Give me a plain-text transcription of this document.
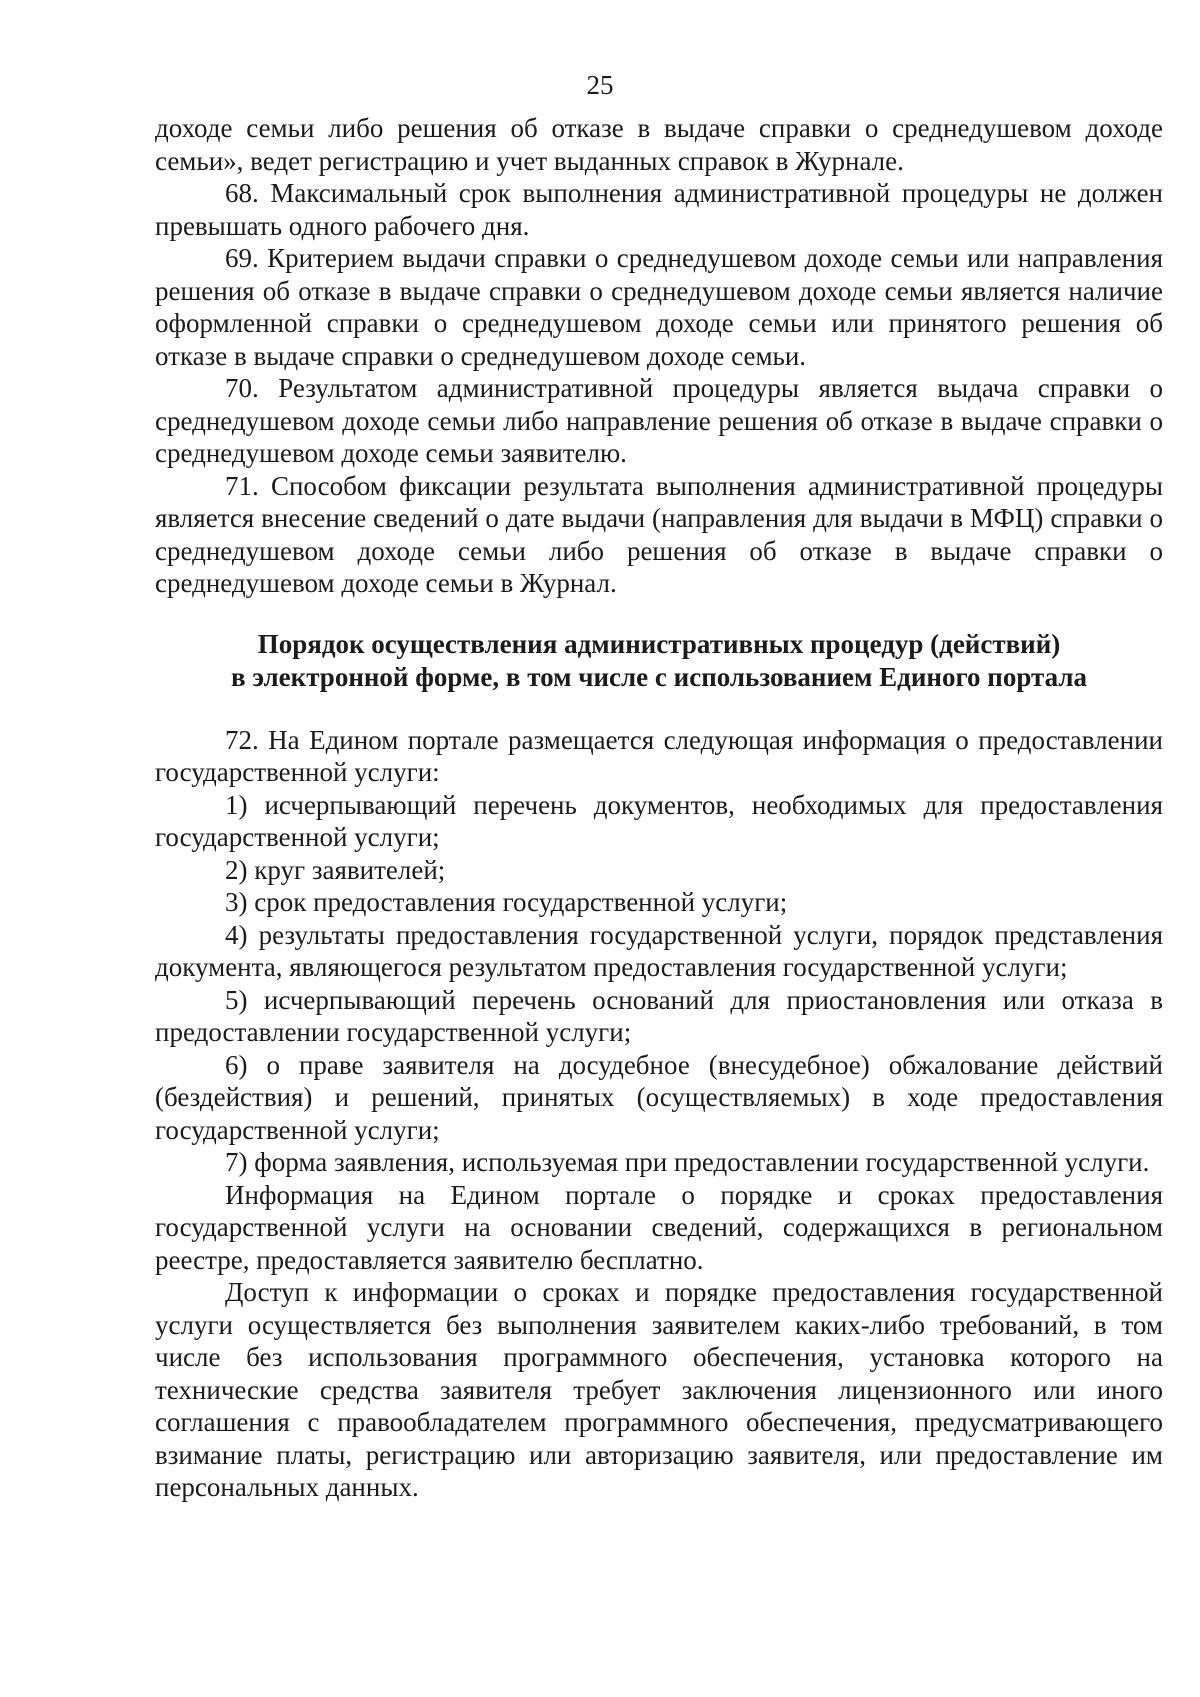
25

доходе семьи либо решения об отказе в выдаче справки о среднедушевом доходе семьи», ведет регистрацию и учет выданных справок в Журнале.

68. Максимальный срок выполнения административной процедуры не должен превышать одного рабочего дня.

69. Критерием выдачи справки о среднедушевом доходе семьи или направления решения об отказе в выдаче справки о среднедушевом доходе семьи является наличие оформленной справки о среднедушевом доходе семьи или принятого решения об отказе в выдаче справки о среднедушевом доходе семьи.

70. Результатом административной процедуры является выдача справки о среднедушевом доходе семьи либо направление решения об отказе в выдаче справки о среднедушевом доходе семьи заявителю.

71. Способом фиксации результата выполнения административной процедуры является внесение сведений о дате выдачи (направления для выдачи в МФЦ) справки о среднедушевом доходе семьи либо решения об отказе в выдаче справки о среднедушевом доходе семьи в Журнал.

Порядок осуществления административных процедур (действий)
в электронной форме, в том числе с использованием Единого портала

72. На Едином портале размещается следующая информация о предоставлении государственной услуги:

1) исчерпывающий перечень документов, необходимых для предоставления государственной услуги;

2) круг заявителей;

3) срок предоставления государственной услуги;

4) результаты предоставления государственной услуги, порядок представления документа, являющегося результатом предоставления государственной услуги;

5) исчерпывающий перечень оснований для приостановления или отказа в предоставлении государственной услуги;

6) о праве заявителя на досудебное (внесудебное) обжалование действий (бездействия) и решений, принятых (осуществляемых) в ходе предоставления государственной услуги;

7) форма заявления, используемая при предоставлении государственной услуги.

Информация на Едином портале о порядке и сроках предоставления государственной услуги на основании сведений, содержащихся в региональном реестре, предоставляется заявителю бесплатно.

Доступ к информации о сроках и порядке предоставления государственной услуги осуществляется без выполнения заявителем каких-либо требований, в том числе без использования программного обеспечения, установка которого на технические средства заявителя требует заключения лицензионного или иного соглашения с правообладателем программного обеспечения, предусматривающего взимание платы, регистрацию или авторизацию заявителя, или предоставление им персональных данных.
